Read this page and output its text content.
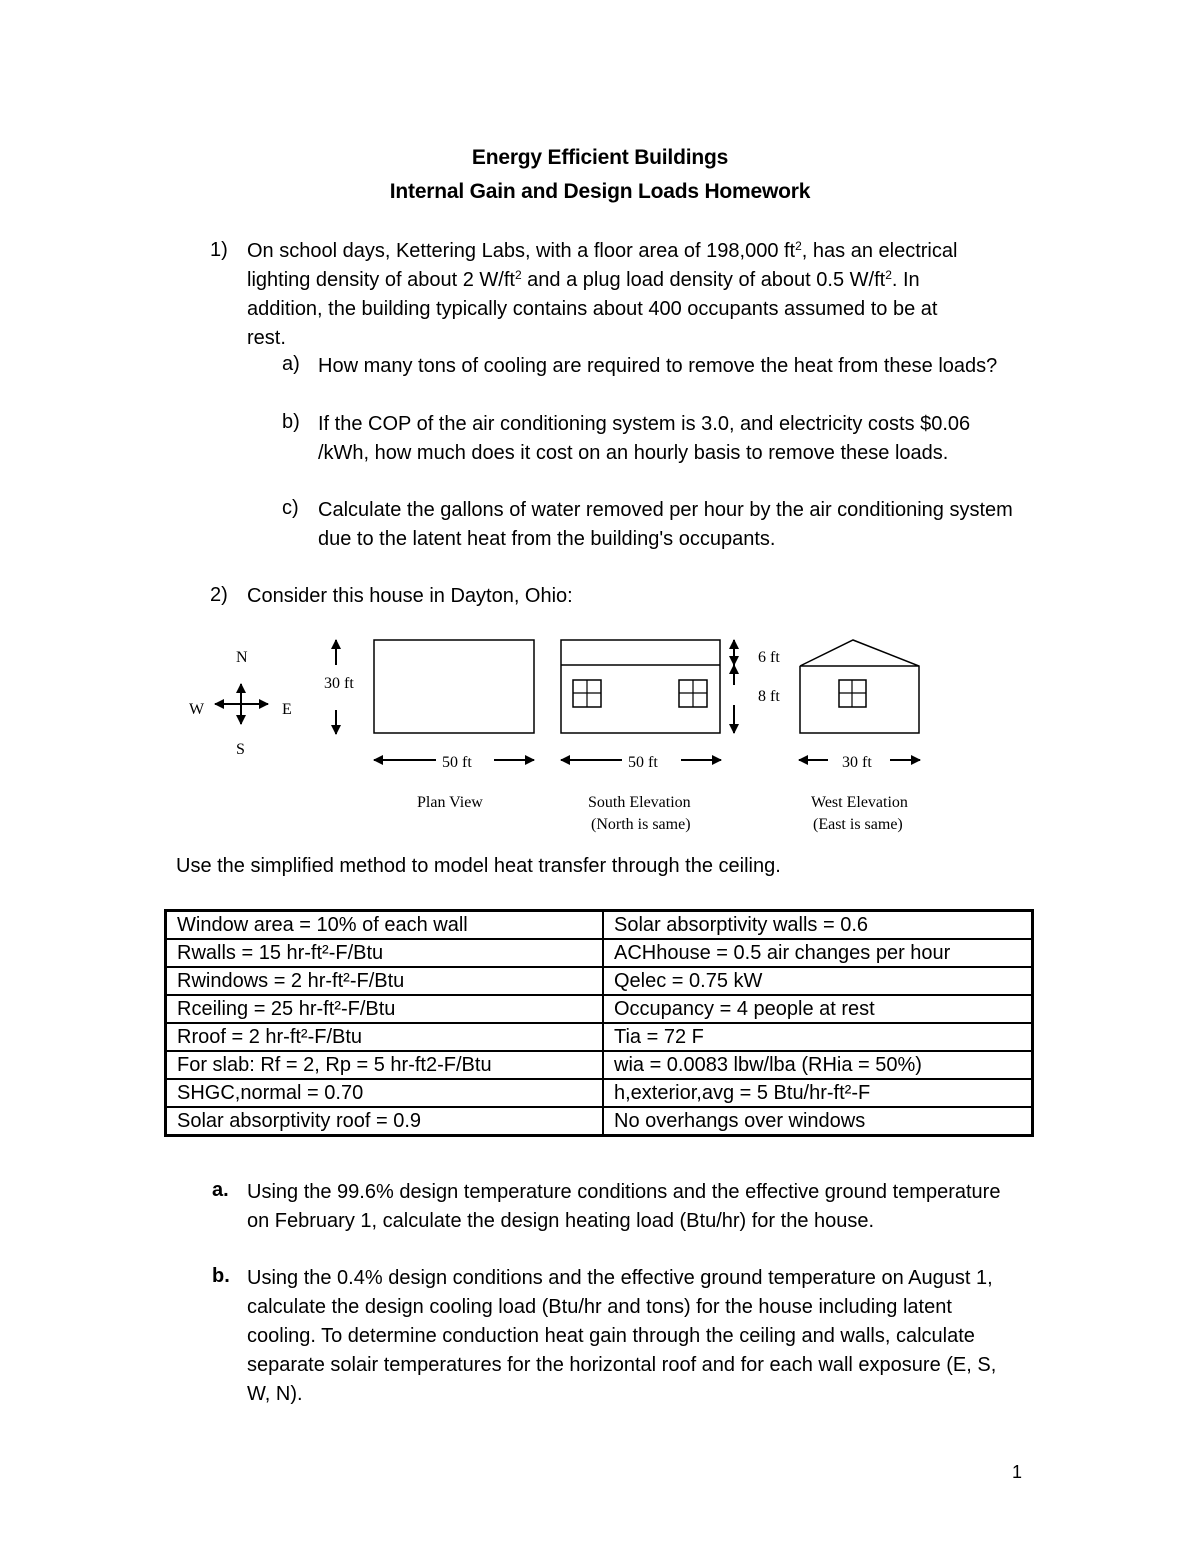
Energy Efficient Buildings
Internal Gain and Design Loads Homework
1) On school days, Kettering Labs, with a floor area of 198,000 $ft^2$, has an electrical
lighting density of about 2 $W/ft^2$ and a plug load density of about 0.5 $W/ft^2$. In
addition, the building typically contains about 400 occupants assumed to be at
rest.
a) How many tons of cooling are required to remove the heat from these loads?
b) If the COP of the air conditioning system is 3.0, and electricity costs $0.06 /kWh, how much does it cost on an hourly basis to remove these loads.
c) Calculate the gallons of water removed per hour by the air conditioning system due to the latent heat from the building's occupants.
2) Consider this house in Dayton, Ohio:
N
S
E
W
30 ft
50 ft
Plan View
6 ft
8 ft
50 ft
South Elevation
(North is same)
30 ft
West Elevation
(East is same)
Use the simplified method to model heat transfer through the ceiling.
Window area = 10% of each wall	Solar absorptivity walls = 0.6
Rwalls = 15 hr-ft²-F/Btu	ACHhouse = 0.5 air changes per hour
Rwindows = 2 hr-ft²-F/Btu	Qelec = 0.75 kW
Rceiling = 25 hr-ft²-F/Btu	Occupancy = 4 people at rest
Rroof = 2 hr-ft²-F/Btu	Tia = 72 F
For slab: Rf = 2, Rp = 5 hr-ft2-F/Btu	wia = 0.0083 lbw/lba (RHia = 50%)
SHGC,normal = 0.70	h,exterior,avg = 5 Btu/hr-ft²-F
Solar absorptivity roof = 0.9	No overhangs over windows
a. Using the 99.6% design temperature conditions and the effective ground temperature on February 1, calculate the design heating load (Btu/hr) for the house.
b. Using the 0.4% design conditions and the effective ground temperature on August 1, calculate the design cooling load (Btu/hr and tons) for the house including latent cooling. To determine conduction heat gain through the ceiling and walls, calculate separate solair temperatures for the horizontal roof and for each wall exposure (E, S, W, N).
1
